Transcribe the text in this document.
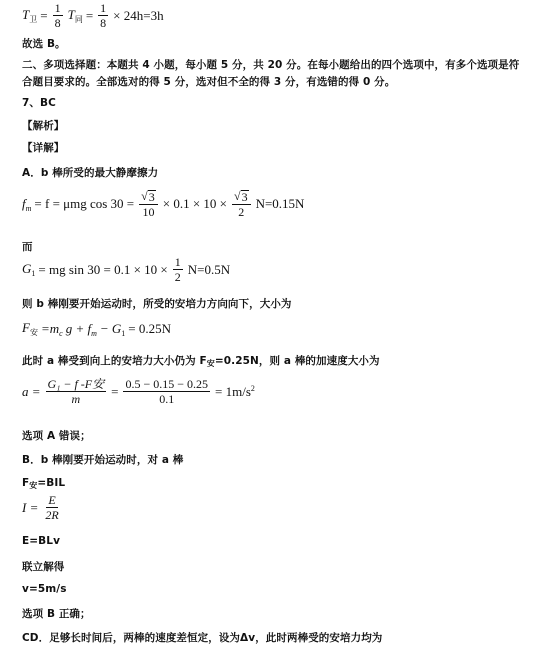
$T_卫 = \frac{1}{8} T_同 = \frac{1}{8} \times 24h=3h$
故选 B。
二、多项选择题：本题共 4 小题，每小题 5 分，共 20 分。在每小题给出的四个选项中，有多个选项是符
合题目要求的。全部选对的得 5 分，选对但不全的得 3 分，有选错的得 0 分。
7、BC
【解析】
【详解】
A．b 棒所受的最大静摩擦力
$f_m = f = \mu mg$ $\cos 30 = \frac{√ 3}{10} \times 0.1 \times 10 \times \frac{√ 3}{2} N=0.15N$
而
$G_1$ = mg $\sin 30 = 0.1 \times 10 \times \frac{1}{2} N=0.5N$
则 b 棒刚要开始运动时，所受的安培力方向向下，大小为
$F_安 =m_c$ $g + f_m - G_1 = 0.25N$
此时 a 棒受到向上的安培力大小仍为 F安=0.25N，则 a 棒的加速度大小为
$a = \frac{\text{G₁ − f -F安}}{m} = \frac{0.5 - 0.15 - 0.25}{0.1} = 1m/s^2$
选项 A 错误；
B．b 棒刚要开始运动时，对 a 棒
F安=BIL
$I = \frac{E}{2R}$
E=BLv
联立解得
v=5m/s
选项 B 正确；
CD．足够长时间后，两棒的速度差恒定，设为Δv，此时两棒受的安培力均为
